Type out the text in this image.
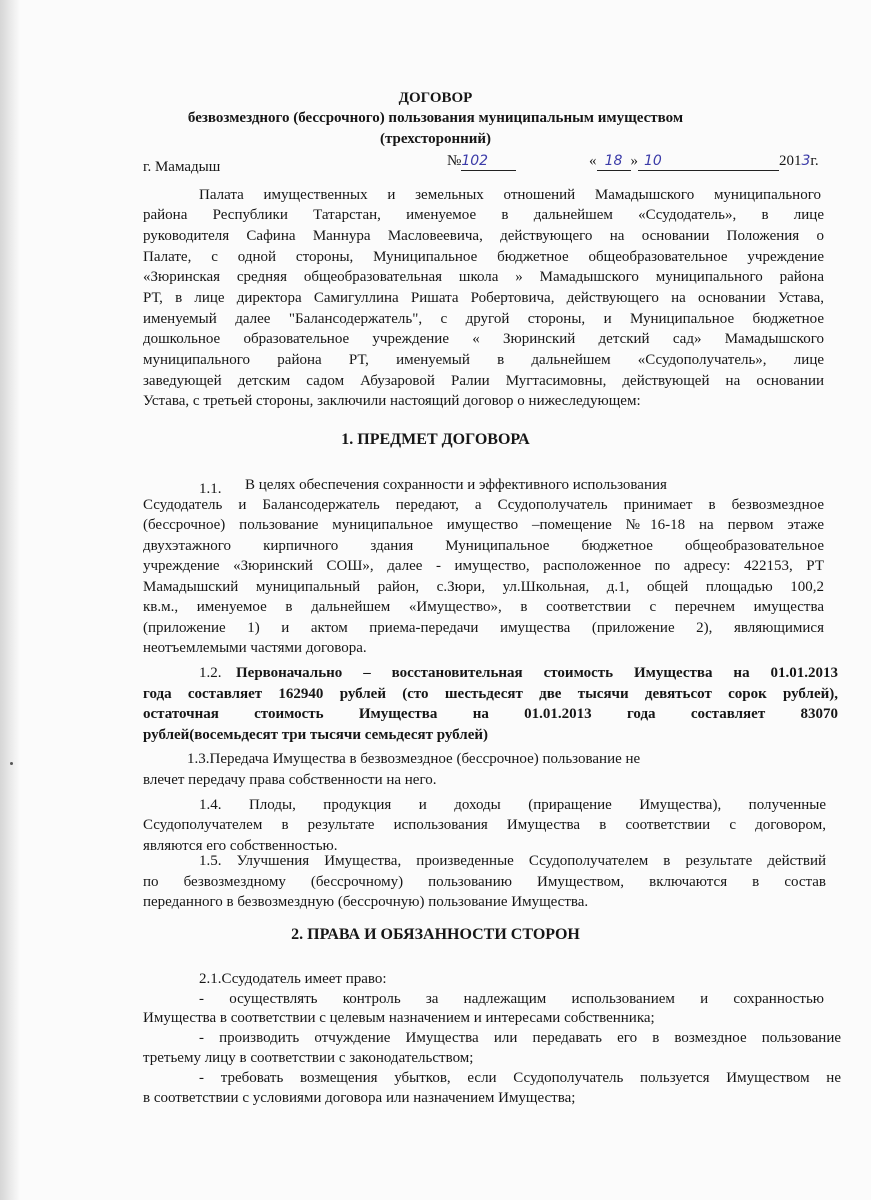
ДОГОВОР
безвозмездного (бессрочного) пользования муниципальным имуществом
(трехсторонний)
г. Мамадыш	№102	« 18 » 10	2013г.
Палата имущественных и земельных отношений Мамадышского муниципального
района Республики Татарстан, именуемое в дальнейшем «Ссудодатель», в лице
руководителя Сафина Маннура Масловеевича, действующего на основании Положения о
Палате, с одной стороны, Муниципальное бюджетное общеобразовательное учреждение
«Зюринская средняя общеобразовательная школа » Мамадышского муниципального района
РТ, в лице директора Самигуллина Ришата Робертовича, действующего на основании Устава,
именуемый далее "Балансодержатель", с другой стороны, и Муниципальное бюджетное
дошкольное образовательное учреждение « Зюринский детский сад» Мамадышского
муниципального района РТ, именуемый в дальнейшем «Ссудополучатель», лице
заведующей детским садом Абузаровой Ралии Мугтасимовны, действующей на основании
Устава, с третьей стороны, заключили настоящий договор о нижеследующем:
1. ПРЕДМЕТ ДОГОВОРА
1.1. В целях обеспечения сохранности и эффективного использования
Ссудодатель и Балансодержатель передают, а Ссудополучатель принимает в безвозмездное
(бессрочное) пользование муниципальное имущество –помещение №16-18 на первом этаже
двухэтажного кирпичного здания Муниципальное бюджетное общеобразовательное
учреждение «Зюринский СОШ», далее - имущество, расположенное по адресу: 422153, РТ
Мамадышский муниципальный район, с.Зюри, ул.Школьная, д.1, общей площадью 100,2
кв.м., именуемое в дальнейшем «Имущество», в соответствии с перечнем имущества
(приложение 1) и актом приема-передачи имущества (приложение 2), являющимися
неотъемлемыми частями договора.
1.2. Первоначально – восстановительная стоимость Имущества на 01.01.2013
года составляет 162940 рублей (сто шестьдесят две тысячи девятьсот сорок рублей),
остаточная стоимость Имущества на 01.01.2013 года составляет 83070
рублей(восемьдесят три тысячи семьдесят рублей)
1.3.Передача Имущества в безвозмездное (бессрочное) пользование не
влечет передачу права собственности на него.
1.4. Плоды, продукция и доходы (приращение Имущества), полученные
Ссудополучателем в результате использования Имущества в соответствии с договором,
являются его собственностью.
1.5. Улучшения Имущества, произведенные Ссудополучателем в результате действий
по безвозмездному (бессрочному) пользованию Имуществом, включаются в состав
переданного в безвозмездную (бессрочную) пользование Имущества.
2. ПРАВА И ОБЯЗАННОСТИ СТОРОН
2.1.Ссудодатель имеет право:
- осуществлять контроль за надлежащим использованием и сохранностью
Имущества в соответствии с целевым назначением и интересами собственника;
- производить отчуждение Имущества или передавать его в возмездное пользование
третьему лицу в соответствии с законодательством;
- требовать возмещения убытков, если Ссудополучатель пользуется Имуществом не
в соответствии с условиями договора или назначением Имущества;
